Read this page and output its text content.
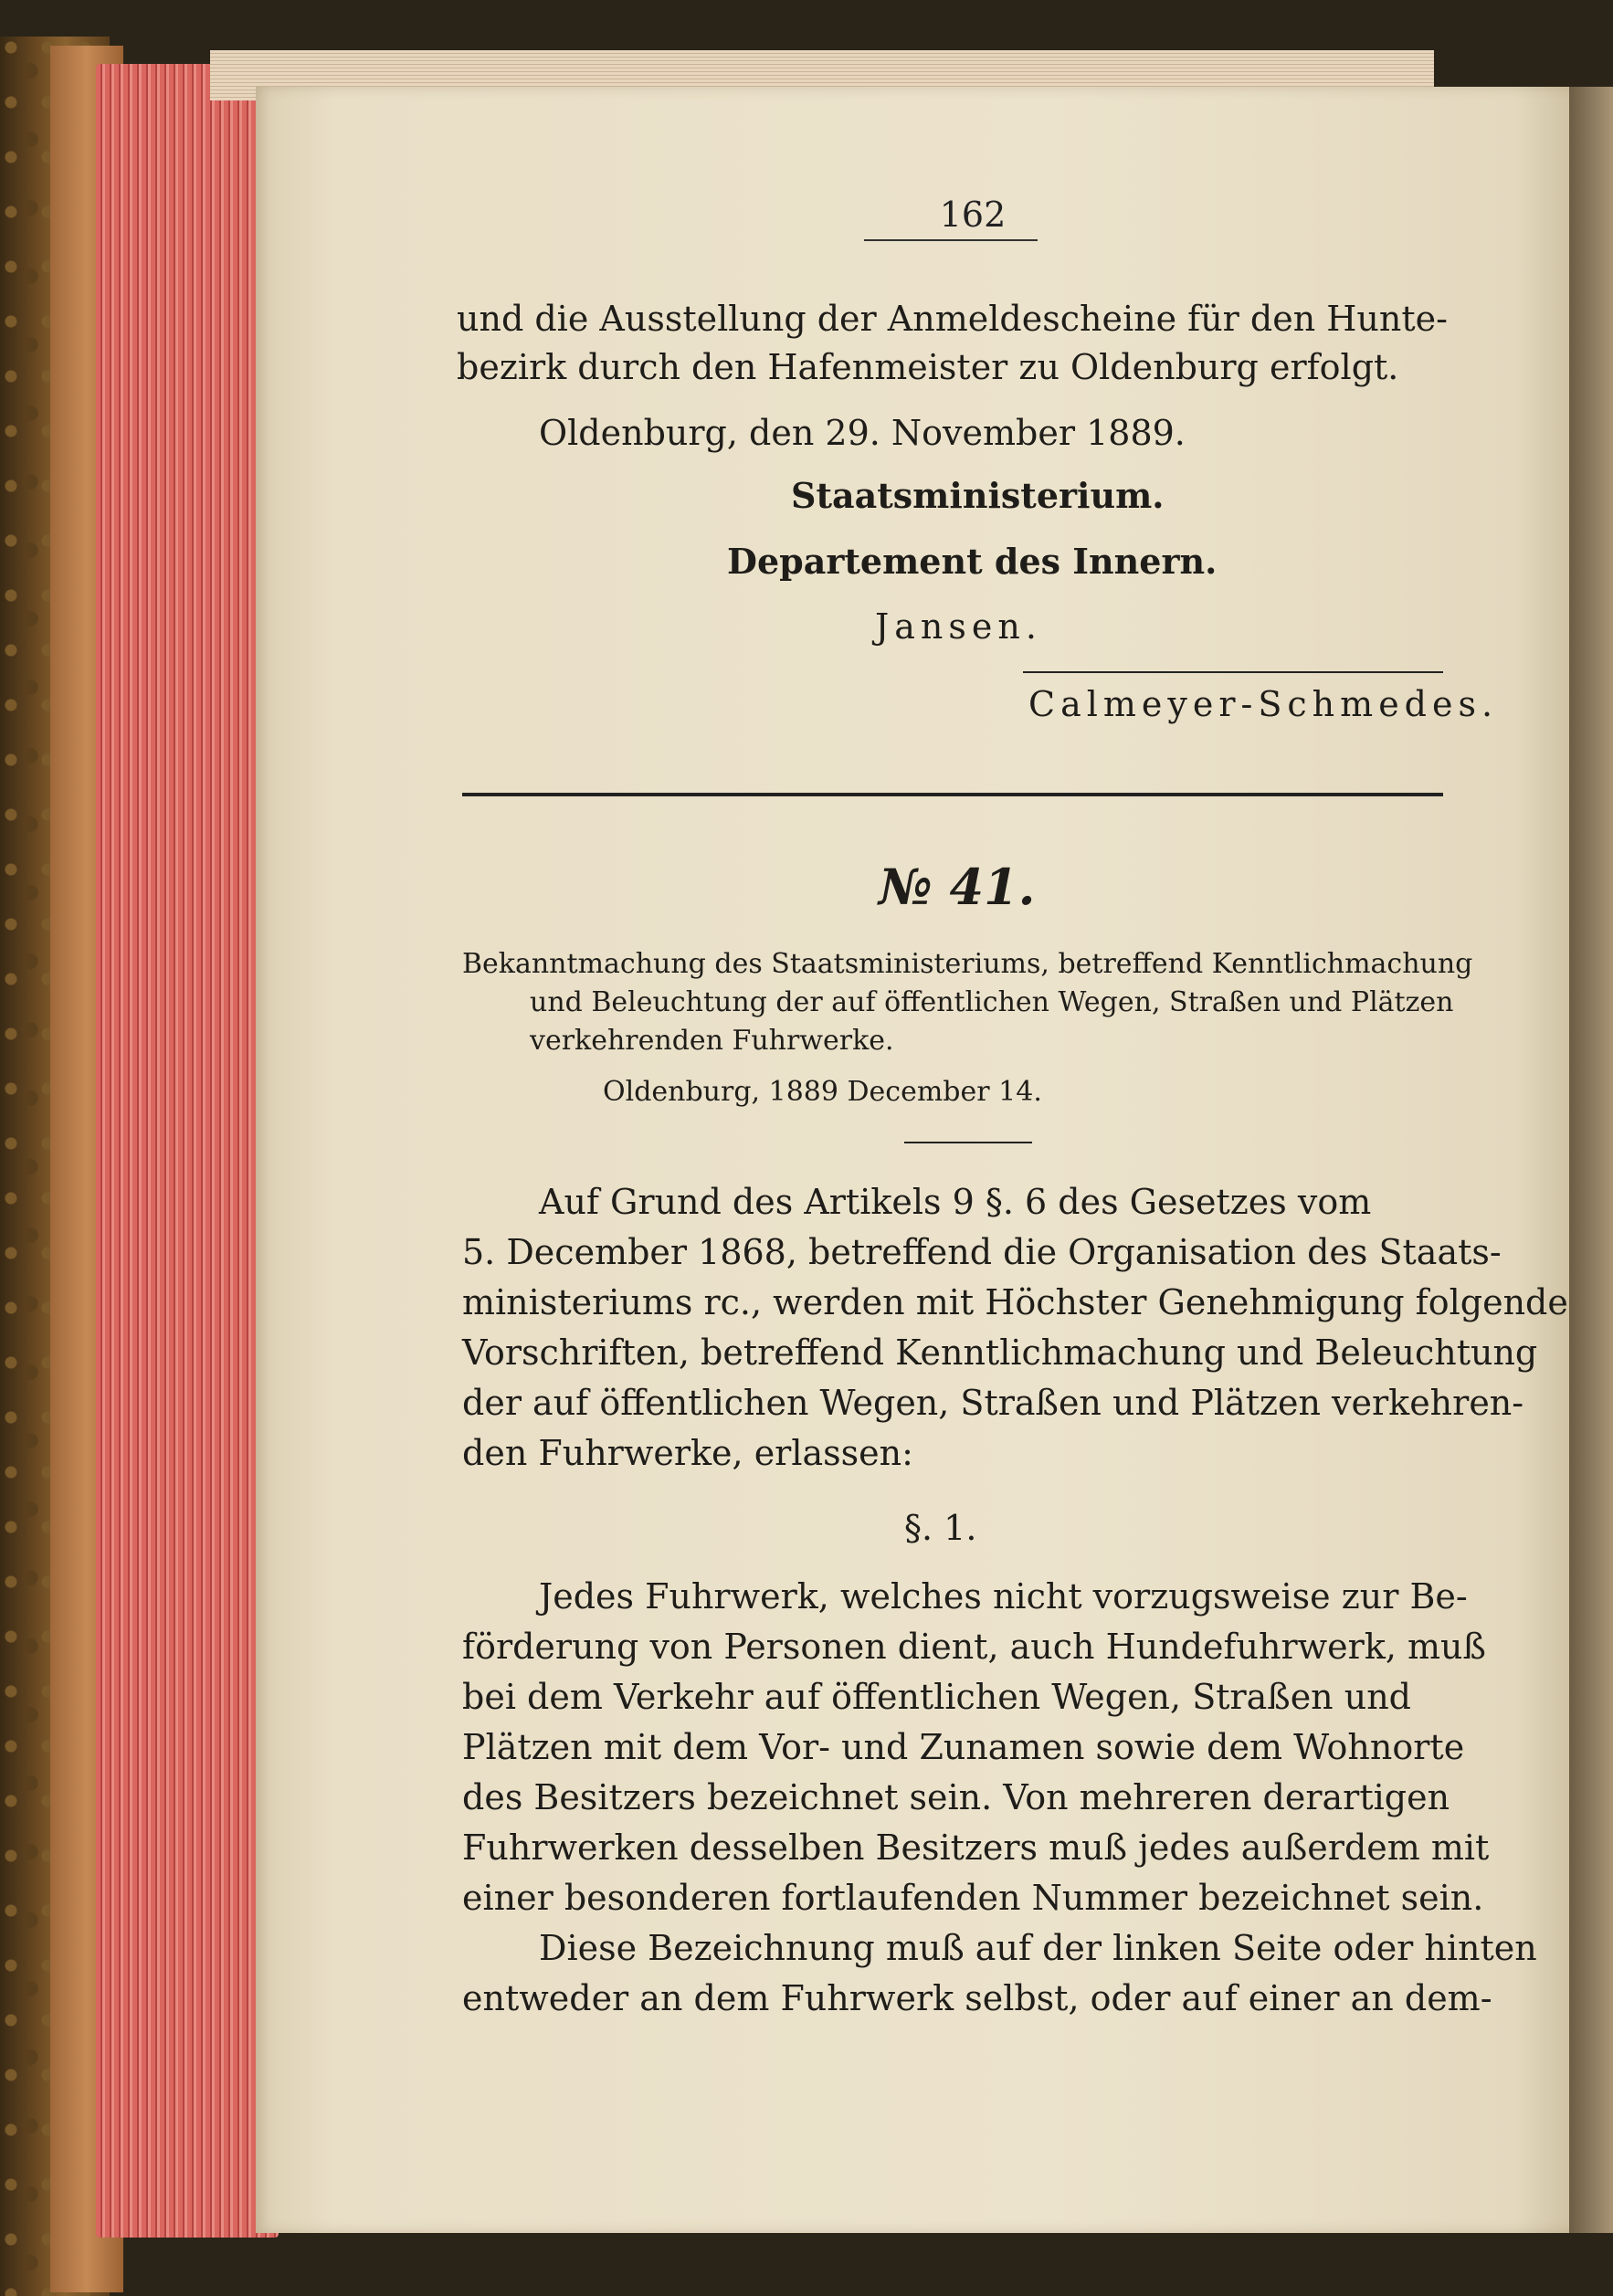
162
und die Ausstellung der Anmeldescheine für den Hunte-
bezirk durch den Hafenmeister zu Oldenburg erfolgt.
Oldenburg, den 29. November 1889.
Staatsministerium.
Departement des Innern.
Jansen.
Calmeyer-Schmedes.
№ 41.
Bekanntmachung des Staatsministeriums, betreffend Kenntlichmachung
und Beleuchtung der auf öffentlichen Wegen, Straßen und Plätzen
verkehrenden Fuhrwerke.
Oldenburg, 1889 December 14.
Auf Grund des Artikels 9 §. 6 des Gesetzes vom
5. December 1868, betreffend die Organisation des Staats-
ministeriums rc., werden mit Höchster Genehmigung folgende
Vorschriften, betreffend Kenntlichmachung und Beleuchtung
der auf öffentlichen Wegen, Straßen und Plätzen verkehren-
den Fuhrwerke, erlassen:
§. 1.
Jedes Fuhrwerk, welches nicht vorzugsweise zur Be-
förderung von Personen dient, auch Hundefuhrwerk, muß
bei dem Verkehr auf öffentlichen Wegen, Straßen und
Plätzen mit dem Vor- und Zunamen sowie dem Wohnorte
des Besitzers bezeichnet sein. Von mehreren derartigen
Fuhrwerken desselben Besitzers muß jedes außerdem mit
einer besonderen fortlaufenden Nummer bezeichnet sein.
Diese Bezeichnung muß auf der linken Seite oder hinten
entweder an dem Fuhrwerk selbst, oder auf einer an dem-
